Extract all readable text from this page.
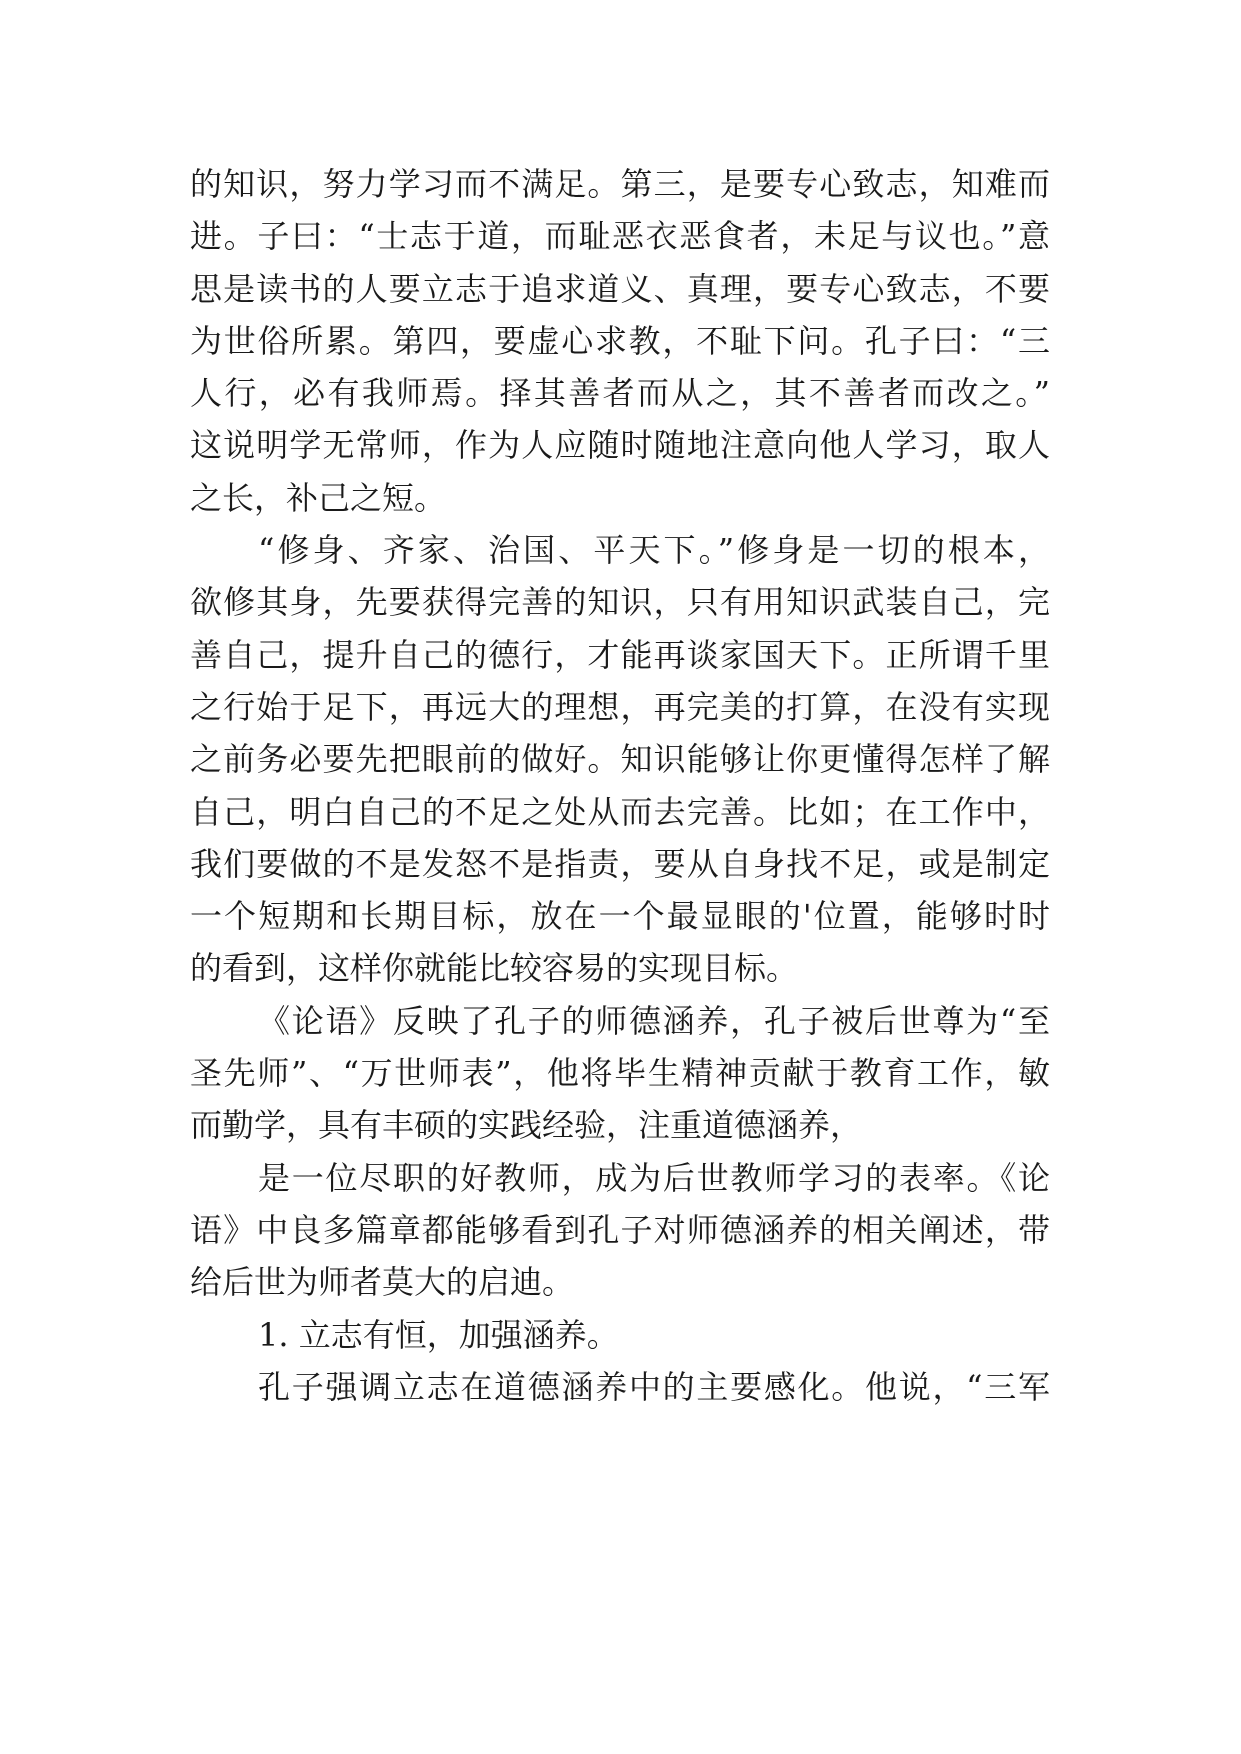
的知识，努力学习而不满足。第三，是要专心致志，知难而
进。子曰：“士志于道，而耻恶衣恶食者，未足与议也。”意
思是读书的人要立志于追求道义、真理，要专心致志，不要
为世俗所累。第四，要虚心求教，不耻下问。孔子曰：“三
人行，必有我师焉。择其善者而从之，其不善者而改之。”
这说明学无常师，作为人应随时随地注意向他人学习，取人
之长，补己之短。
“修身、齐家、治国、平天下。”修身是一切的根本，
欲修其身，先要获得完善的知识，只有用知识武装自己，完
善自己，提升自己的德行，才能再谈家国天下。正所谓千里
之行始于足下，再远大的理想，再完美的打算，在没有实现
之前务必要先把眼前的做好。知识能够让你更懂得怎样了解
自己，明白自己的不足之处从而去完善。比如；在工作中，
我们要做的不是发怒不是指责，要从自身找不足，或是制定
一个短期和长期目标，放在一个最显眼的'位置，能够时时
的看到，这样你就能比较容易的实现目标。
《论语》反映了孔子的师德涵养，孔子被后世尊为“至
圣先师”、“万世师表”，他将毕生精神贡献于教育工作，敏
而勤学，具有丰硕的实践经验，注重道德涵养，
是一位尽职的好教师，成为后世教师学习的表率。《论
语》中良多篇章都能够看到孔子对师德涵养的相关阐述，带
给后世为师者莫大的启迪。
1. 立志有恒，加强涵养。
孔子强调立志在道德涵养中的主要感化。他说，“三军
